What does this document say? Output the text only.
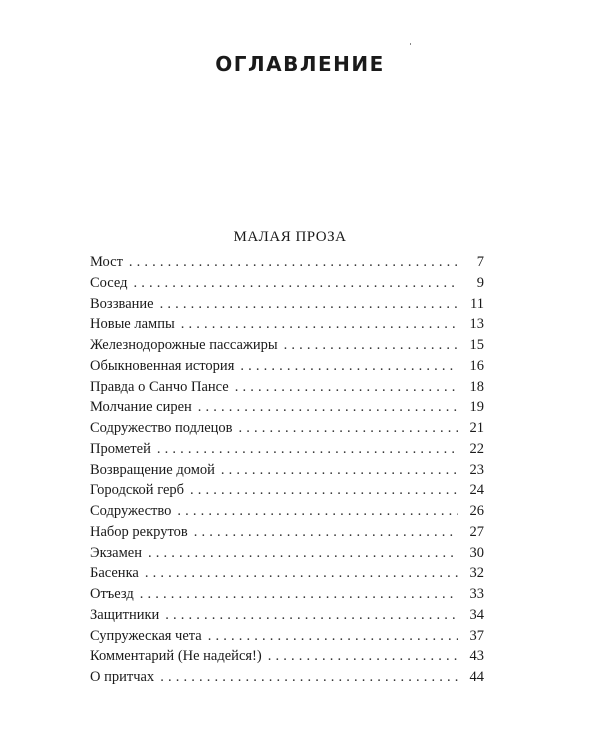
ОГЛАВЛЕНИЕ
МАЛАЯ ПРОЗА
Мост . . .	7
Сосед . . .	9
Воззвание . . .	11
Новые лампы . . .	13
Железнодорожные пассажиры . . .	15
Обыкновенная история . . .	16
Правда о Санчо Пансе . . .	18
Молчание сирен . . .	19
Содружество подлецов . . .	21
Прометей . . .	22
Возвращение домой . . .	23
Городской герб . . .	24
Содружество . . .	26
Набор рекрутов . . .	27
Экзамен . . .	30
Басенка . . .	32
Отъезд . . .	33
Защитники . . .	34
Супружеская чета . . .	37
Комментарий (Не надейся!) . . .	43
О притчах . . .	44
